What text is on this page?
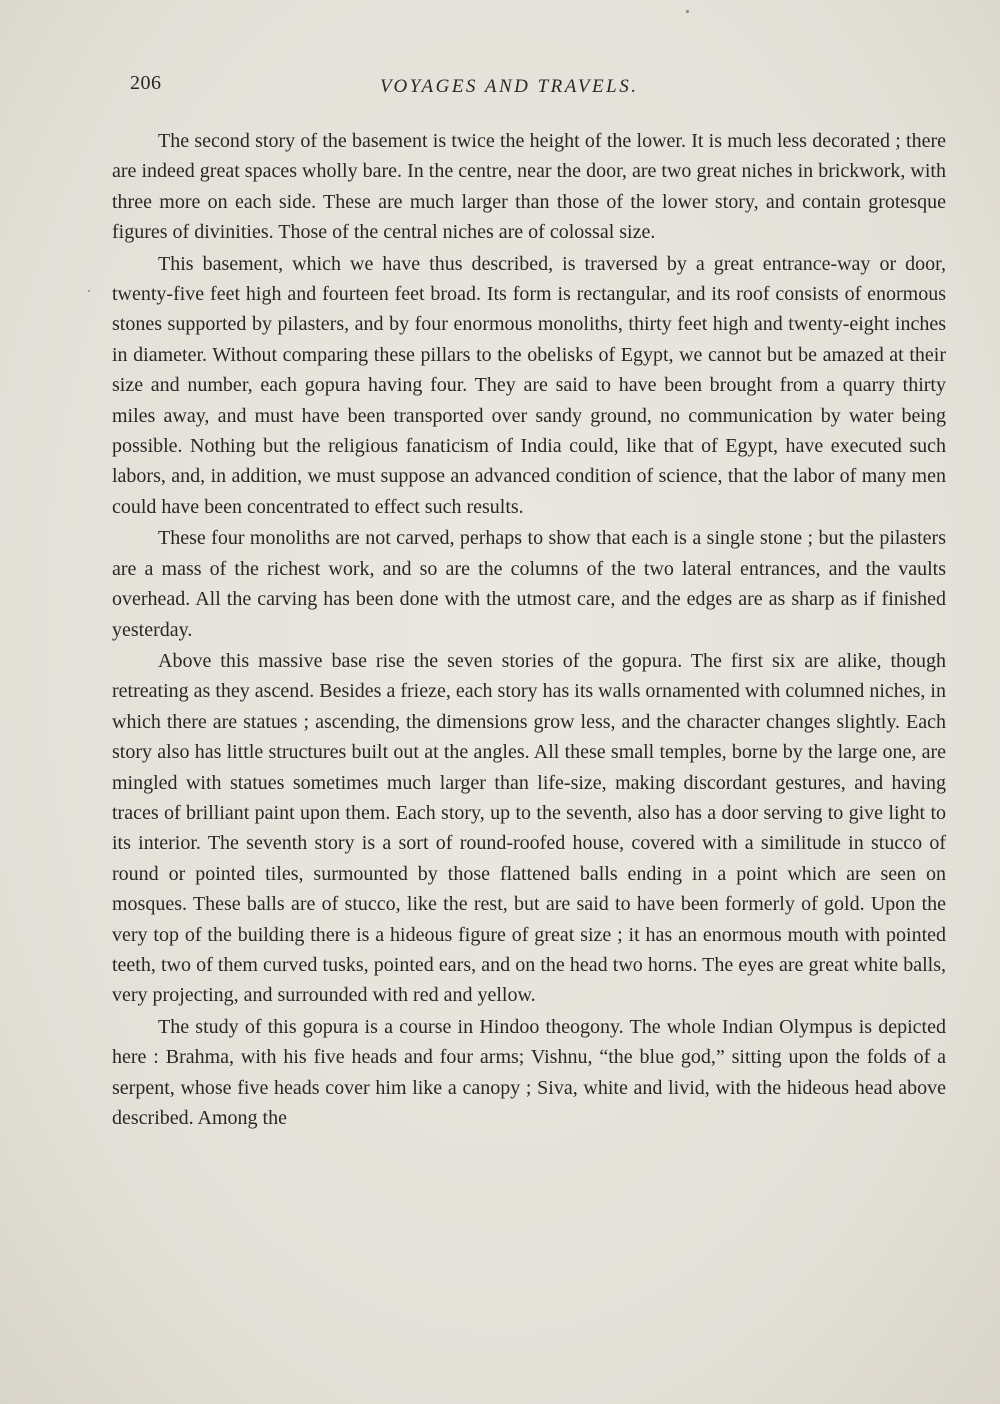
206	VOYAGES AND TRAVELS.

The second story of the basement is twice the height of the lower. It is much less decorated ; there are indeed great spaces wholly bare. In the centre, near the door, are two great niches in brickwork, with three more on each side. These are much larger than those of the lower story, and contain grotesque figures of divinities. Those of the central niches are of colossal size.

This basement, which we have thus described, is traversed by a great entrance-way or door, twenty-five feet high and fourteen feet broad. Its form is rectangular, and its roof consists of enormous stones supported by pilasters, and by four enormous monoliths, thirty feet high and twenty-eight inches in diameter. Without comparing these pillars to the obelisks of Egypt, we cannot but be amazed at their size and number, each gopura having four. They are said to have been brought from a quarry thirty miles away, and must have been transported over sandy ground, no communication by water being possible. Nothing but the religious fanaticism of India could, like that of Egypt, have executed such labors, and, in addition, we must suppose an advanced condition of science, that the labor of many men could have been concentrated to effect such results.

These four monoliths are not carved, perhaps to show that each is a single stone ; but the pilasters are a mass of the richest work, and so are the columns of the two lateral entrances, and the vaults overhead. All the carving has been done with the utmost care, and the edges are as sharp as if finished yesterday.

Above this massive base rise the seven stories of the gopura. The first six are alike, though retreating as they ascend. Besides a frieze, each story has its walls ornamented with columned niches, in which there are statues ; ascending, the dimensions grow less, and the character changes slightly. Each story also has little structures built out at the angles. All these small temples, borne by the large one, are mingled with statues sometimes much larger than life-size, making discordant gestures, and having traces of brilliant paint upon them. Each story, up to the seventh, also has a door serving to give light to its interior. The seventh story is a sort of round-roofed house, covered with a similitude in stucco of round or pointed tiles, surmounted by those flattened balls ending in a point which are seen on mosques. These balls are of stucco, like the rest, but are said to have been formerly of gold. Upon the very top of the building there is a hideous figure of great size ; it has an enormous mouth with pointed teeth, two of them curved tusks, pointed ears, and on the head two horns. The eyes are great white balls, very projecting, and surrounded with red and yellow.

The study of this gopura is a course in Hindoo theogony. The whole Indian Olympus is depicted here : Brahma, with his five heads and four arms; Vishnu, “the blue god,” sitting upon the folds of a serpent, whose five heads cover him like a canopy ; Siva, white and livid, with the hideous head above described. Among the
